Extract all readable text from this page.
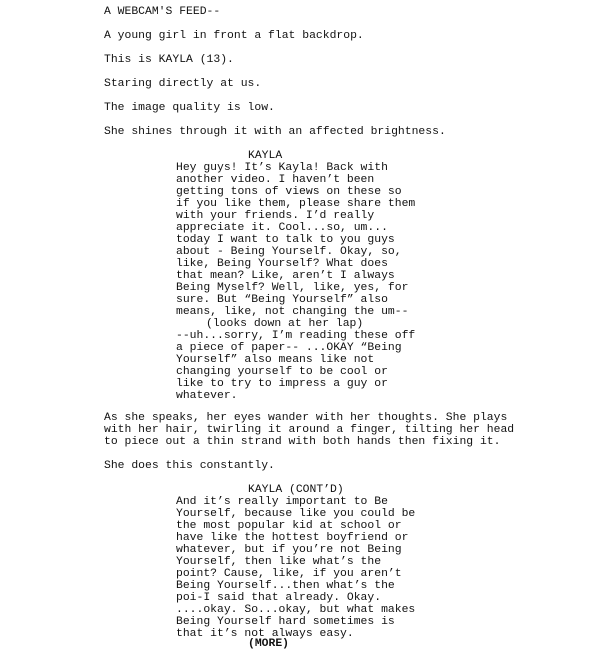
A WEBCAM'S FEED--

A young girl in front a flat backdrop.

This is KAYLA (13).

Staring directly at us.

The image quality is low.

She shines through it with an affected brightness.

KAYLA

Hey guys! It’s Kayla! Back with

another video. I haven’t been

getting tons of views on these so

if you like them, please share them

with your friends. I’d really

appreciate it. Cool...so, um...

today I want to talk to you guys

about - Being Yourself. Okay, so,

like, Being Yourself? What does

that mean? Like, aren’t I always

Being Myself? Well, like, yes, for

sure. But “Being Yourself” also

means, like, not changing the um--

(looks down at her lap)

--uh...sorry, I’m reading these off

a piece of paper-- ...OKAY “Being

Yourself” also means like not

changing yourself to be cool or

like to try to impress a guy or

whatever.

As she speaks, her eyes wander with her thoughts. She plays

with her hair, twirling it around a finger, tilting her head

to piece out a thin strand with both hands then fixing it.

She does this constantly.

KAYLA (CONT’D)

And it’s really important to Be

Yourself, because like you could be

the most popular kid at school or

have like the hottest boyfriend or

whatever, but if you’re not Being

Yourself, then like what’s the

point? Cause, like, if you aren’t

Being Yourself...then what’s the

poi-I said that already. Okay.

....okay. So...okay, but what makes

Being Yourself hard sometimes is

that it’s not always easy.

(MORE)
